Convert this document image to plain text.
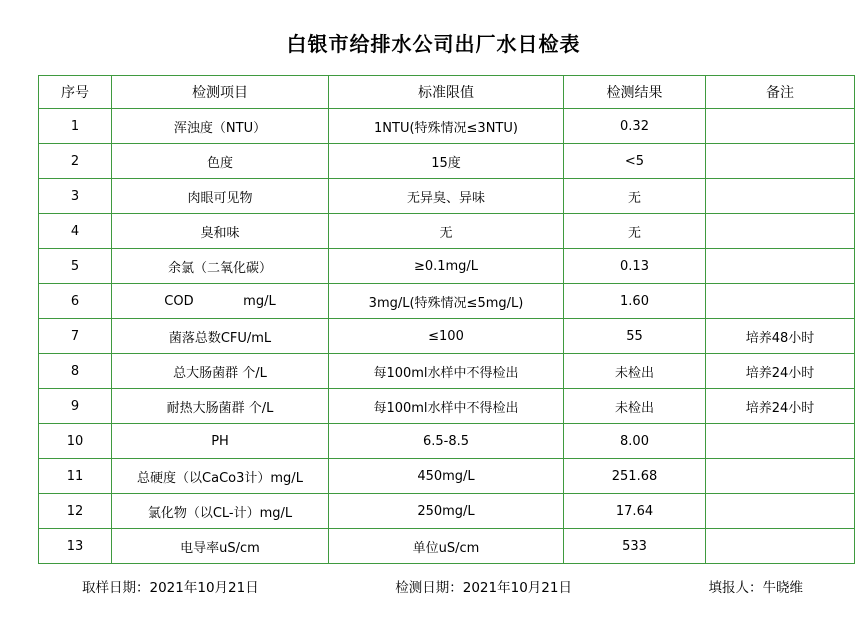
白银市给排水公司出厂水日检表
序号	检测项目	标准限值	检测结果	备注
1	浑浊度（NTU）	1NTU(特殊情况≤3NTU)	0.32	
2	色度	15度	<5	
3	肉眼可见物	无异臭、异味	无	
4	臭和味	无	无	
5	余氯（二氧化碳）	≥0.1mg/L	0.13	
6	COD            mg/L	3mg/L(特殊情况≤5mg/L)	1.60	
7	菌落总数CFU/mL	≤100	55	培养48小时
8	总大肠菌群 个/L	每100ml水样中不得检出	未检出	培养24小时
9	耐热大肠菌群 个/L	每100ml水样中不得检出	未检出	培养24小时
10	PH	6.5-8.5	8.00	
11	总硬度（以CaCo3计）mg/L	450mg/L	251.68	
12	氯化物（以CL-计）mg/L	250mg/L	17.64	
13	电导率uS/cm	单位uS/cm	533	
取样日期：2021年10月21日	检测日期：2021年10月21日	填报人：牛晓维
